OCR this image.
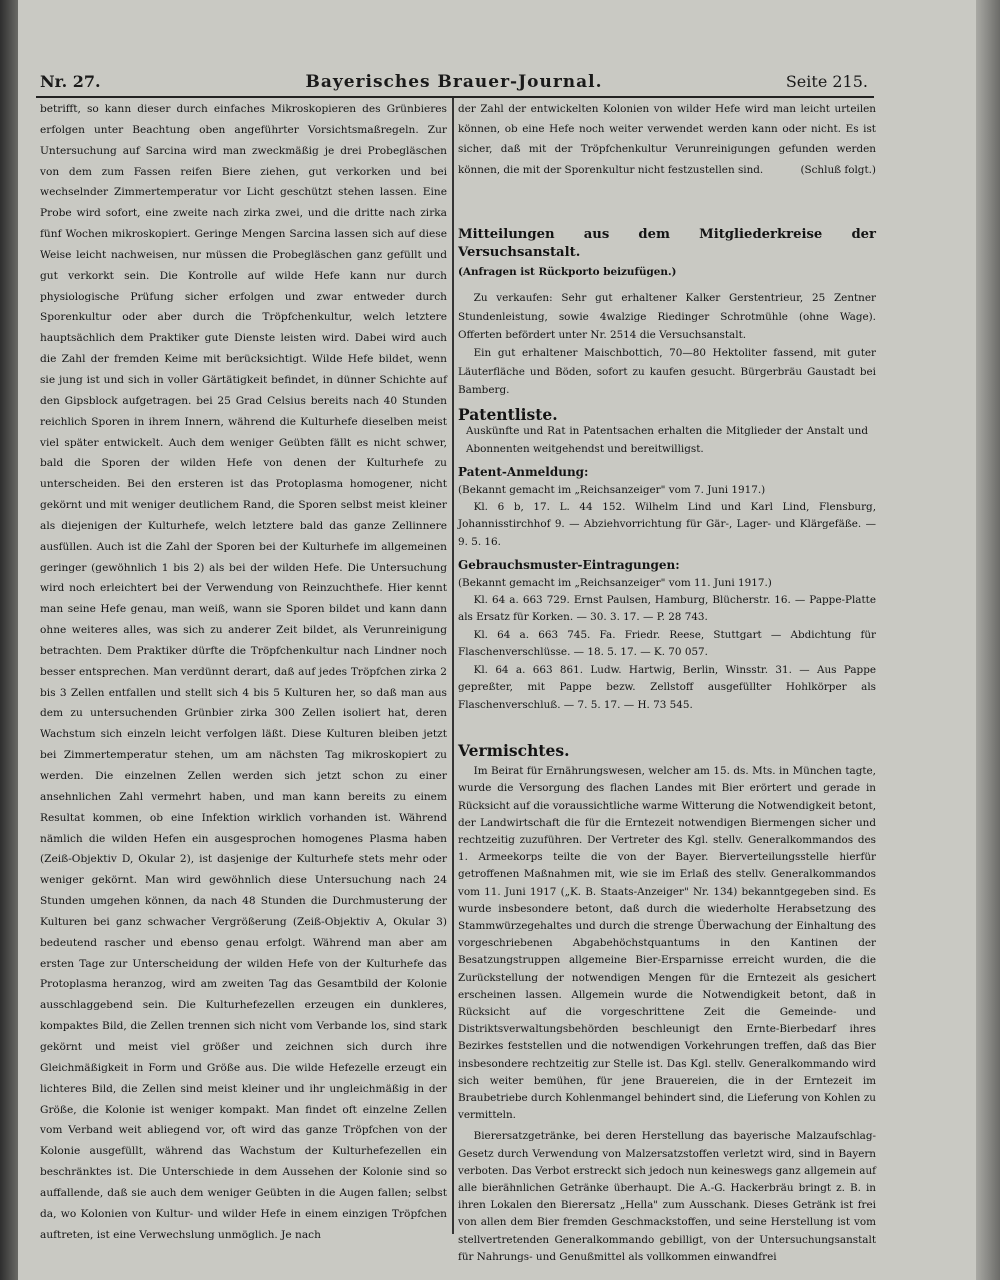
Nr. 27.	Bayerisches Brauer-Journal.	Seite 215.

betrifft, so kann dieser durch einfaches Mikroskopieren des Grünbieres erfolgen unter Beachtung oben angeführter Vorsichtsmaßregeln. Zur Untersuchung auf Sarcina wird man zweckmäßig je drei Probegläschen von dem zum Fassen reifen Biere ziehen, gut verkorken und bei wechselnder Zimmertemperatur vor Licht geschützt stehen lassen. Eine Probe wird sofort, eine zweite nach zirka zwei, und die dritte nach zirka fünf Wochen mikroskopiert. Geringe Mengen Sarcina lassen sich auf diese Weise leicht nachweisen, nur müssen die Probegläschen ganz gefüllt und gut verkorkt sein. Die Kontrolle auf wilde Hefe kann nur durch physiologische Prüfung sicher erfolgen und zwar entweder durch Sporenkultur oder aber durch die Tröpfchenkultur, welch letztere hauptsächlich dem Praktiker gute Dienste leisten wird. Dabei wird auch die Zahl der fremden Keime mit berücksichtigt. Wilde Hefe bildet, wenn sie jung ist und sich in voller Gärtätigkeit befindet, in dünner Schichte auf den Gipsblock aufgetragen. bei 25 Grad Celsius bereits nach 40 Stunden reichlich Sporen in ihrem Innern, während die Kulturhefe dieselben meist viel später entwickelt. Auch dem weniger Geübten fällt es nicht schwer, bald die Sporen der wilden Hefe von denen der Kulturhefe zu unterscheiden. Bei den ersteren ist das Protoplasma homogener, nicht gekörnt und mit weniger deutlichem Rand, die Sporen selbst meist kleiner als diejenigen der Kulturhefe, welch letztere bald das ganze Zellinnere ausfüllen. Auch ist die Zahl der Sporen bei der Kulturhefe im allgemeinen geringer (gewöhnlich 1 bis 2) als bei der wilden Hefe. Die Untersuchung wird noch erleichtert bei der Verwendung von Reinzuchthefe. Hier kennt man seine Hefe genau, man weiß, wann sie Sporen bildet und kann dann ohne weiteres alles, was sich zu anderer Zeit bildet, als Verunreinigung betrachten. Dem Praktiker dürfte die Tröpfchenkultur nach Lindner noch besser entsprechen. Man verdünnt derart, daß auf jedes Tröpfchen zirka 2 bis 3 Zellen entfallen und stellt sich 4 bis 5 Kulturen her, so daß man aus dem zu untersuchenden Grünbier zirka 300 Zellen isoliert hat, deren Wachstum sich einzeln leicht verfolgen läßt. Diese Kulturen bleiben jetzt bei Zimmertemperatur stehen, um am nächsten Tag mikroskopiert zu werden. Die einzelnen Zellen werden sich jetzt schon zu einer ansehnlichen Zahl vermehrt haben, und man kann bereits zu einem Resultat kommen, ob eine Infektion wirklich vorhanden ist. Während nämlich die wilden Hefen ein ausgesprochen homogenes Plasma haben (Zeiß-Objektiv D, Okular 2), ist dasjenige der Kulturhefe stets mehr oder weniger gekörnt. Man wird gewöhnlich diese Untersuchung nach 24 Stunden umgehen können, da nach 48 Stunden die Durchmusterung der Kulturen bei ganz schwacher Vergrößerung (Zeiß-Objektiv A, Okular 3) bedeutend rascher und ebenso genau erfolgt. Während man aber am ersten Tage zur Unterscheidung der wilden Hefe von der Kulturhefe das Protoplasma heranzog, wird am zweiten Tag das Gesamtbild der Kolonie ausschlaggebend sein. Die Kulturhefezellen erzeugen ein dunkleres, kompaktes Bild, die Zellen trennen sich nicht vom Verbande los, sind stark gekörnt und meist viel größer und zeichnen sich durch ihre Gleichmäßigkeit in Form und Größe aus. Die wilde Hefezelle erzeugt ein lichteres Bild, die Zellen sind meist kleiner und ihr ungleichmäßig in der Größe, die Kolonie ist weniger kompakt. Man findet oft einzelne Zellen vom Verband weit abliegend vor, oft wird das ganze Tröpfchen von der Kolonie ausgefüllt, während das Wachstum der Kulturhefezellen ein beschränktes ist. Die Unterschiede in dem Aussehen der Kolonie sind so auffallende, daß sie auch dem weniger Geübten in die Augen fallen; selbst da, wo Kolonien von Kultur- und wilder Hefe in einem einzigen Tröpfchen auftreten, ist eine Verwechslung unmöglich. Je nach

der Zahl der entwickelten Kolonien von wilder Hefe wird man leicht urteilen können, ob eine Hefe noch weiter verwendet werden kann oder nicht. Es ist sicher, daß mit der Tröpfchenkultur Verunreinigungen gefunden werden können, die mit der Sporenkultur nicht festzustellen sind.	(Schluß folgt.)

Mitteilungen aus dem Mitgliederkreise der Versuchsanstalt.

(Anfragen ist Rückporto beizufügen.)

Zu verkaufen: Sehr gut erhaltener Kalker Gerstentrieur, 25 Zentner Stundenleistung, sowie 4walzige Riedinger Schrotmühle (ohne Wage). Offerten befördert unter Nr. 2514 die Versuchsanstalt.

Ein gut erhaltener Maischbottich, 70—80 Hektoliter fassend, mit guter Läuterfläche und Böden, sofort zu kaufen gesucht. Bürgerbräu Gaustadt bei Bamberg.

Patentliste.

Auskünfte und Rat in Patentsachen erhalten die Mitglieder der Anstalt und Abonnenten weitgehendst und bereitwilligst.

Patent-Anmeldung:

(Bekannt gemacht im „Reichsanzeiger" vom 7. Juni 1917.)

Kl. 6 b, 17. L. 44 152. Wilhelm Lind und Karl Lind, Flensburg, Johannisstirchhof 9. — Abziehvorrichtung für Gär-, Lager- und Klärgefäße. — 9. 5. 16.

Gebrauchsmuster-Eintragungen:

(Bekannt gemacht im „Reichsanzeiger" vom 11. Juni 1917.)

Kl. 64 a. 663 729. Ernst Paulsen, Hamburg, Blücherstr. 16. — Pappe-Platte als Ersatz für Korken. — 30. 3. 17. — P. 28 743.

Kl. 64 a. 663 745. Fa. Friedr. Reese, Stuttgart — Abdichtung für Flaschenverschlüsse. — 18. 5. 17. — K. 70 057.

Kl. 64 a. 663 861. Ludw. Hartwig, Berlin, Winsstr. 31. — Aus Pappe gepreßter, mit Pappe bezw. Zellstoff ausgefüllter Hohlkörper als Flaschenverschluß. — 7. 5. 17. — H. 73 545.

Vermischtes.

Im Beirat für Ernährungswesen, welcher am 15. ds. Mts. in München tagte, wurde die Versorgung des flachen Landes mit Bier erörtert und gerade in Rücksicht auf die voraussichtliche warme Witterung die Notwendigkeit betont, der Landwirtschaft die für die Erntezeit notwendigen Biermengen sicher und rechtzeitig zuzuführen. Der Vertreter des Kgl. stellv. Generalkommandos des 1. Armeekorps teilte die von der Bayer. Bierverteilungsstelle hierfür getroffenen Maßnahmen mit, wie sie im Erlaß des stellv. Generalkommandos vom 11. Juni 1917 („K. B. Staats-Anzeiger" Nr. 134) bekanntgegeben sind. Es wurde insbesondere betont, daß durch die wiederholte Herabsetzung des Stammwürzegehaltes und durch die strenge Überwachung der Einhaltung des vorgeschriebenen Abgabehöchstquantums in den Kantinen der Besatzungstruppen allgemeine Bier-Ersparnisse erreicht wurden, die die Zurückstellung der notwendigen Mengen für die Erntezeit als gesichert erscheinen lassen. Allgemein wurde die Notwendigkeit betont, daß in Rücksicht auf die vorgeschrittene Zeit die Gemeinde- und Distriktsverwaltungsbehörden beschleunigt den Ernte-Bierbedarf ihres Bezirkes feststellen und die notwendigen Vorkehrungen treffen, daß das Bier insbesondere rechtzeitig zur Stelle ist. Das Kgl. stellv. Generalkommando wird sich weiter bemühen, für jene Brauereien, die in der Erntezeit im Braubetriebe durch Kohlenmangel behindert sind, die Lieferung von Kohlen zu vermitteln.

Bierersatzgetränke, bei deren Herstellung das bayerische Malzaufschlag-Gesetz durch Verwendung von Malzersatzstoffen verletzt wird, sind in Bayern verboten. Das Verbot erstreckt sich jedoch nun keineswegs ganz allgemein auf alle bierähnlichen Getränke überhaupt. Die A.-G. Hackerbräu bringt z. B. in ihren Lokalen den Bierersatz „Hella" zum Ausschank. Dieses Getränk ist frei von allen dem Bier fremden Geschmackstoffen, und seine Herstellung ist vom stellvertretenden Generalkommando gebilligt, von der Untersuchungsanstalt für Nahrungs- und Genußmittel als vollkommen einwandfrei
